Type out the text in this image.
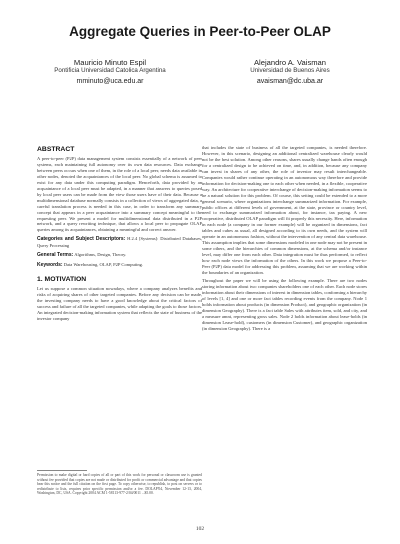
Aggregate Queries in Peer-to-Peer OLAP
Mauricio Minuto Espil
Pontificia Universidad Catolica Argentina
mminuto@uca.edu.ar
Alejandro A. Vaisman
Universidad de Buenos Aires
avaisman@dc.uba.ar
ABSTRACT

A peer-to-peer (P2P) data management system consists essentially of a network of peer systems, each maintaining full autonomy over its own data resources. Data exchange between peers occurs when one of them, in the role of a local peer, needs data available in other nodes, denoted the acquaintances of the local peer. No global schema is assumed to exist for any data under this computing paradigm. Henceforth, data provided by an acquaintance of a local peer must be adapted, in a manner that answers to queries posed by local peer users can be made from the view those users have of their data. Because a multidimensional database normally consists in a collection of views of aggregated data, a careful translation process is needed in this case, in order to transform any summary concept that appears in a peer acquaintance into a summary concept meaningful to the requesting peer. We present a model for multidimensional data distributed in a P2P network, and a query rewriting technique, that allows a local peer to propagate OLAP queries among its acquaintances, obtaining a meaningful and correct answer.

Categories and Subject Descriptors: H.2.4 [Systems]: Distributed Databases, Query Processing
General Terms: Algorithms, Design, Theory.
Keywords: Data Warehousing, OLAP, P2P Computing.
1. MOTIVATION

Let us suppose a common situation nowadays, where a company analyzes benefits and risks of acquiring shares of other targeted companies. Before any decision can be made, the investing company needs to have a good knowledge about the critical factors of success and failure of all the targeted companies, while adapting the goals to those factors. An integrated decision-making information system that reflects the state of business of the investor company

that includes the state of business of all the targeted companies, is needed therefore. However, in this scenario, designing an additional centralized warehouse clearly would not be the best solution. Among other reasons, shares usually change hands often enough for a centralized design to be achieved on time, and, in addition, because any company can invest in shares of any other, the role of investor may result interchangeable. Companies would rather continue operating in an autonomous way therefore and provide information for decision-making one to each other when needed, in a flexible, cooperative way. An architecture for cooperative interchange of decision-making information seems to be a natural solution for this problem. Of course, this setting could be extended to a more general scenario, where organizations interchange summarized information. For example, public offices at different levels of government, at the state, province or country level, need to exchange summarized information about, for instance, tax paying. A new cooperative, distributed OLAP paradigm will fit properly this necessity. Here, information in each node (a company in our former example) will be organized in dimensions, fact tables and cubes as usual, all designed according to its own needs, and the system will operate in an autonomous fashion, without the intervention of any central data warehouse. This assumption implies that some dimensions modeled in one node may not be present in some others, and the hierarchies of common dimensions, at the schema and/or instance level, may differ one from each other. Data integration must be thus performed, to reflect how each node views the information of the others. In this work we propose a Peer-to-Peer (P2P) data model for addressing this problem, assuming that we are working within the boundaries of an organization.

Throughout the paper we will be using the following example. There are two nodes storing information about two companies shareholders one of each other. Each node stores information about their dimensions of interest in dimension tables, conforming a hierarchy of levels [1, 4] and one or more fact tables recording events from the company. Node 1 holds information about products (in dimension Product), and geographic organization (in dimension Geography). There is a fact table Sales with attributes item, sold, and city, and a measure amnt, representing gross sales. Node 2 holds information about lease-holds (in dimension Lease-hold), customers (in dimension Customer), and geographic organization (in dimension Geography). There is a

Permission to make digital or hard copies of all or part of this work for personal or classroom use is granted without fee provided that copies are not made or distributed for profit or commercial advantage and that copies bear this notice and the full citation on the first page. To copy otherwise, to republish, to post on servers or to redistribute to lists, requires prior specific permission and/or a fee. DOLAP'04, November 12-13, 2004, Washington, DC, USA. Copyright 2004 ACM 1-58113-977-2/04/0011 ...$5.00.
102
